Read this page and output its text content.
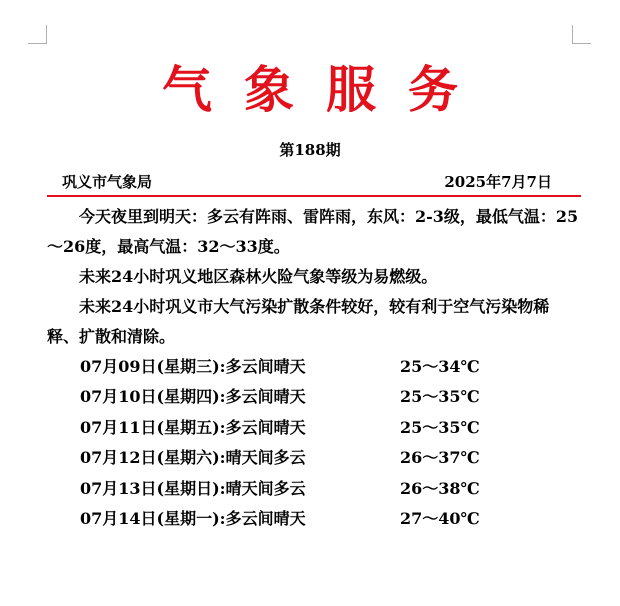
气象服务
第188期
巩义市气象局	2025年7月7日

今天夜里到明天：多云有阵雨、雷阵雨，东风：2-3级，最低气温：25～26度，最高气温：32～33度。

未来24小时巩义地区森林火险气象等级为易燃级。

未来24小时巩义市大气污染扩散条件较好，较有利于空气污染物稀释、扩散和清除。

07月09日(星期三):多云间晴天	25～34℃
07月10日(星期四):多云间晴天	25～35℃
07月11日(星期五):多云间晴天	25～35℃
07月12日(星期六):晴天间多云	26～37℃
07月13日(星期日):晴天间多云	26～38℃
07月14日(星期一):多云间晴天	27～40℃
